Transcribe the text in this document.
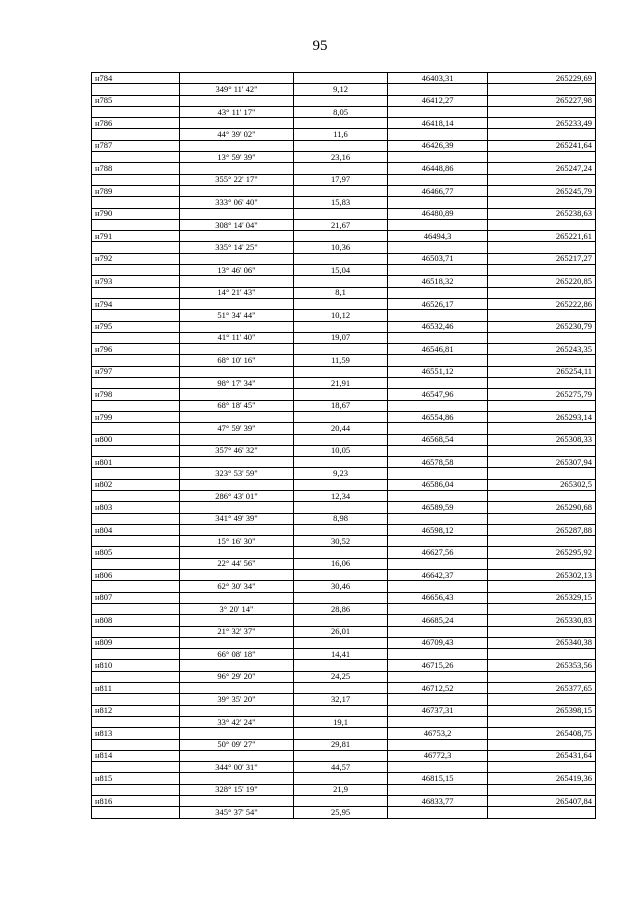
95
н784			46403,31	265229,69
	349° 11' 42"	9,12		
н785			46412,27	265227,98
	43° 11' 17"	8,05		
н786			46418,14	265233,49
	44° 39' 02"	11,6		
н787			46426,39	265241,64
	13° 59' 39"	23,16		
н788			46448,86	265247,24
	355° 22' 17"	17,97		
н789			46466,77	265245,79
	333° 06' 40"	15,83		
н790			46480,89	265238,63
	308° 14' 04"	21,67		
н791			46494,3	265221,61
	335° 14' 25"	10,36		
н792			46503,71	265217,27
	13° 46' 06"	15,04		
н793			46518,32	265220,85
	14° 21' 43"	8,1		
н794			46526,17	265222,86
	51° 34' 44"	10,12		
н795			46532,46	265230,79
	41° 11' 40"	19,07		
н796			46546,81	265243,35
	68° 10' 16"	11,59		
н797			46551,12	265254,11
	98° 17' 34"	21,91		
н798			46547,96	265275,79
	68° 18' 45"	18,67		
н799			46554,86	265293,14
	47° 59' 39"	20,44		
н800			46568,54	265308,33
	357° 46' 32"	10,05		
н801			46578,58	265307,94
	323° 53' 59"	9,23		
н802			46586,04	265302,5
	286° 43' 01"	12,34		
н803			46589,59	265290,68
	341° 49' 39"	8,98		
н804			46598,12	265287,88
	15° 16' 30"	30,52		
н805			46627,56	265295,92
	22° 44' 56"	16,06		
н806			46642,37	265302,13
	62° 30' 34"	30,46		
н807			46656,43	265329,15
	3° 20' 14"	28,86		
н808			46685,24	265330,83
	21° 32' 37"	26,01		
н809			46709,43	265340,38
	66° 08' 18"	14,41		
н810			46715,26	265353,56
	96° 29' 20"	24,25		
н811			46712,52	265377,65
	39° 35' 20"	32,17		
н812			46737,31	265398,15
	33° 42' 24"	19,1		
н813			46753,2	265408,75
	50° 09' 27"	29,81		
н814			46772,3	265431,64
	344° 00' 31"	44,57		
н815			46815,15	265419,36
	328° 15' 19"	21,9		
н816			46833,77	265407,84
	345° 37' 54"	25,95		
